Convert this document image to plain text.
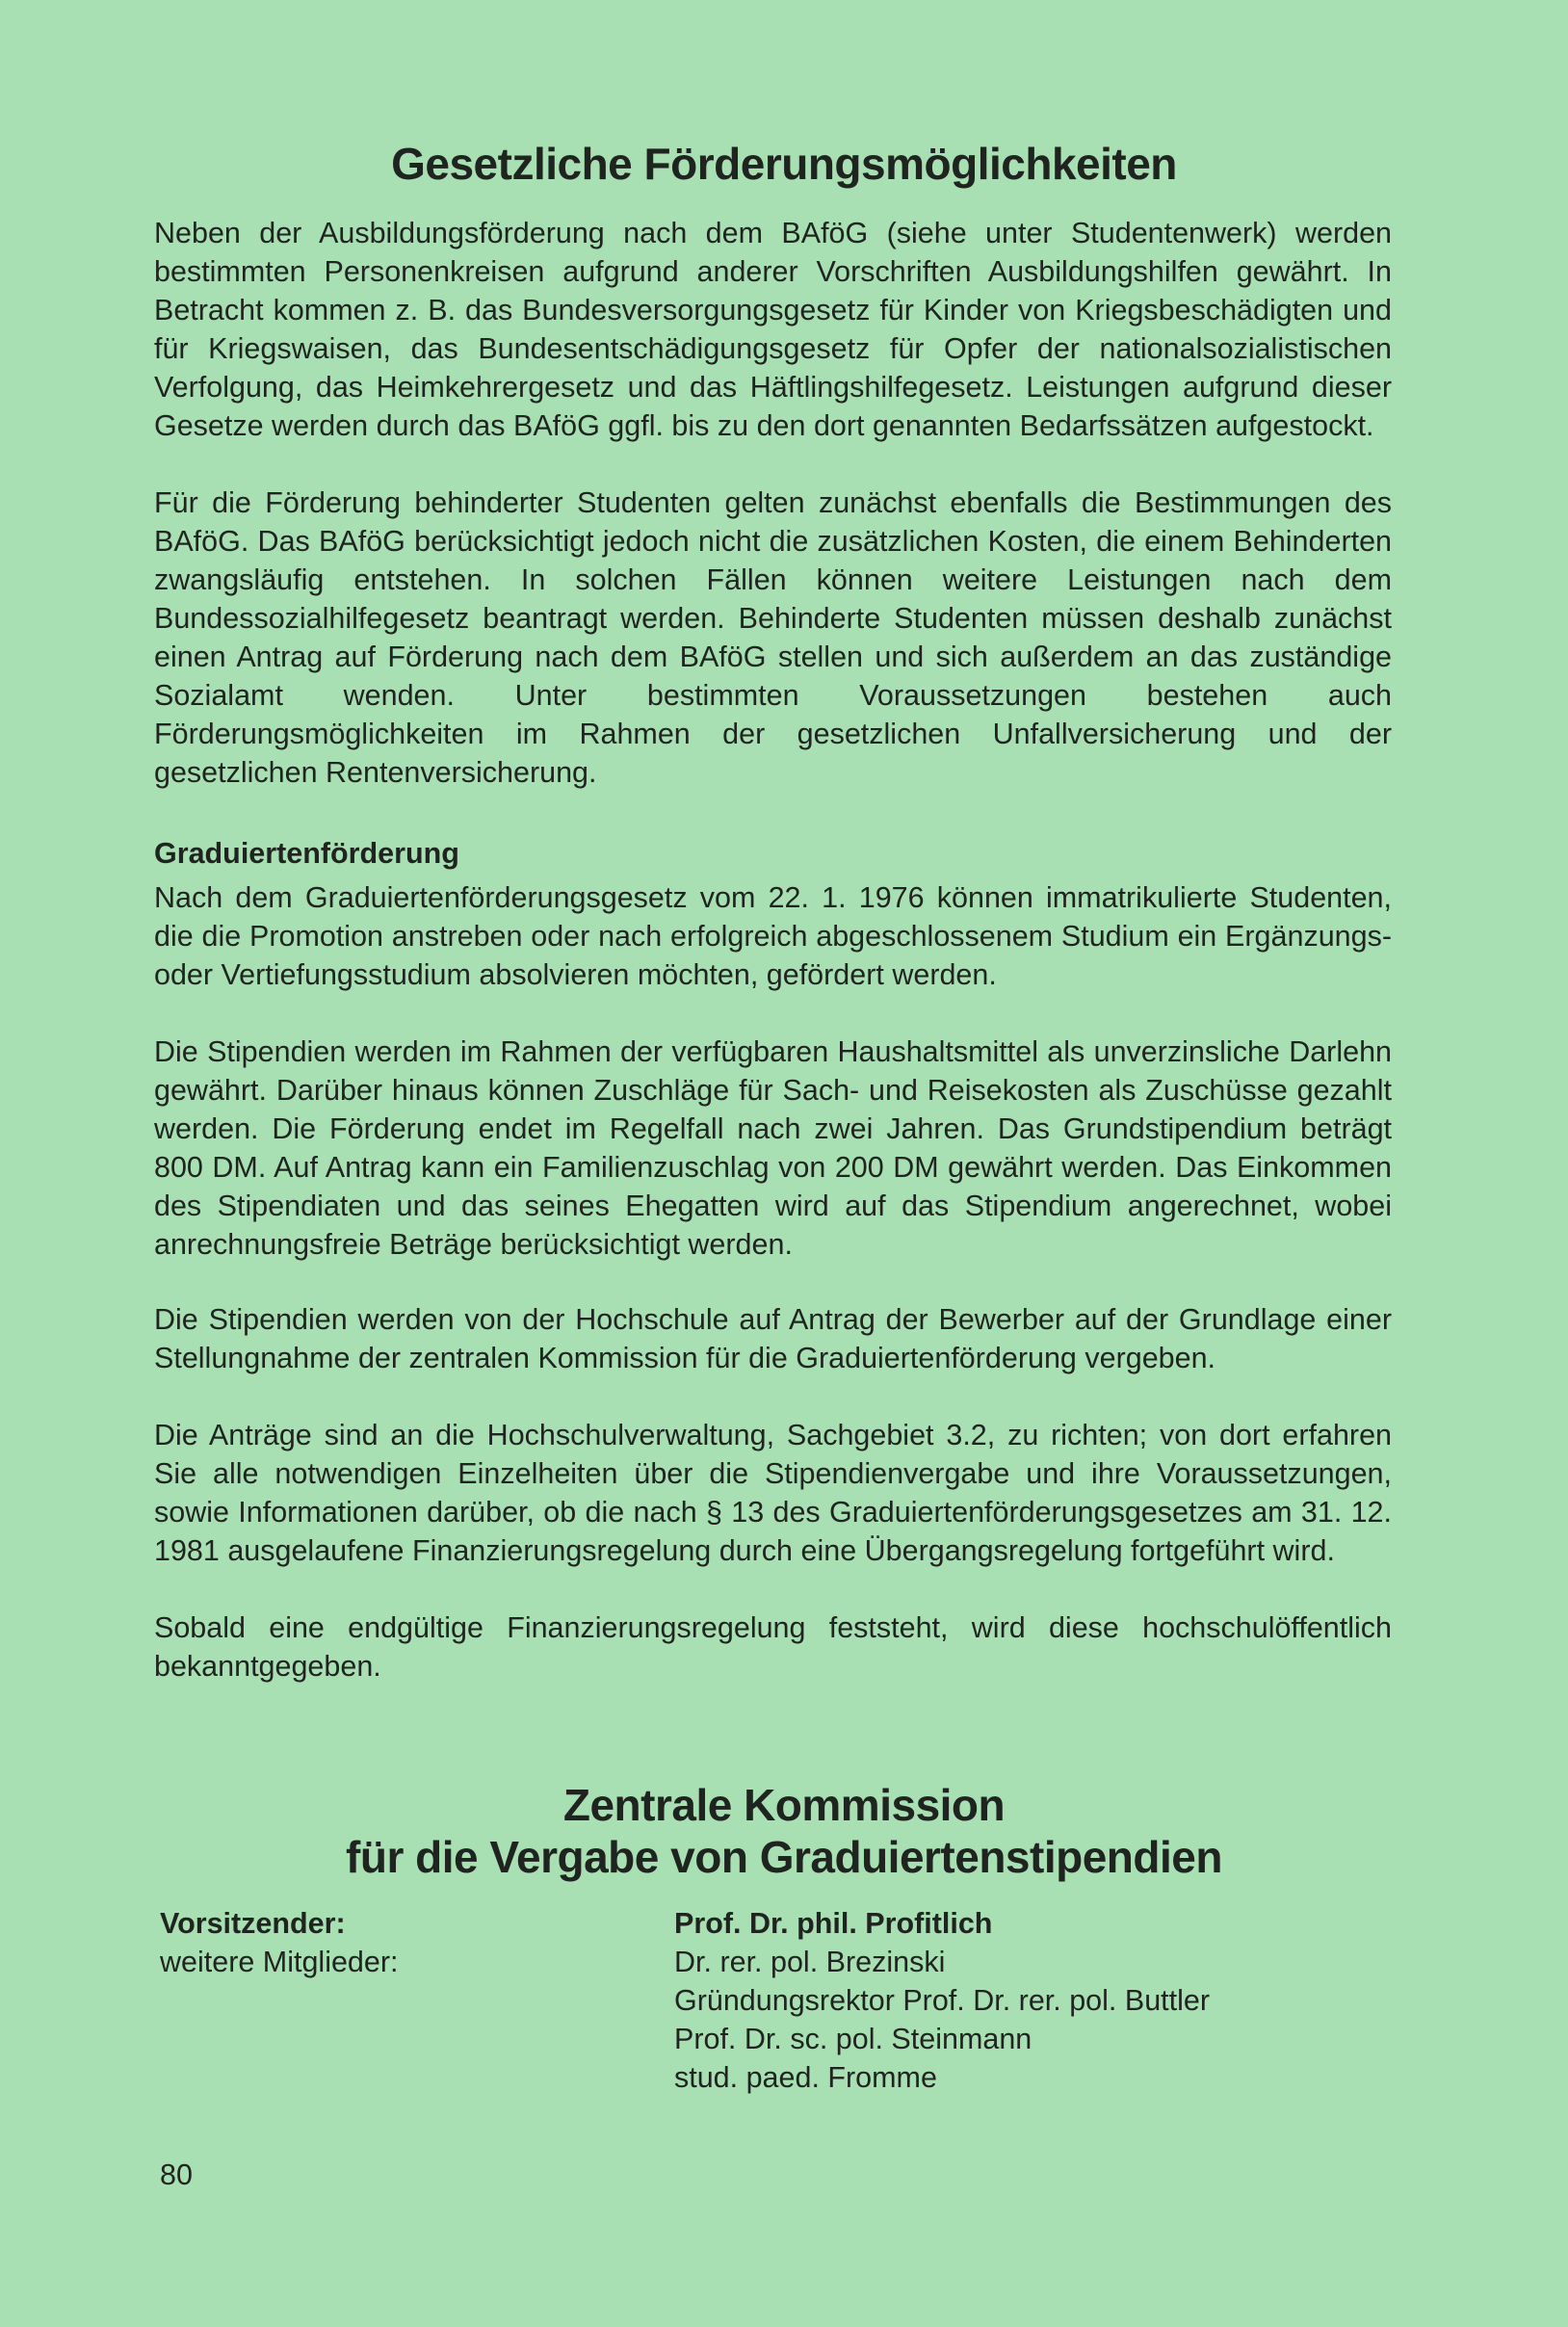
Gesetzliche Förderungsmöglichkeiten

Neben der Ausbildungsförderung nach dem BAföG (siehe unter Studentenwerk) werden bestimmten Personenkreisen aufgrund anderer Vorschriften Ausbildungshilfen gewährt. In Betracht kommen z. B. das Bundesversorgungsgesetz für Kinder von Kriegsbeschädigten und für Kriegswaisen, das Bundesentschädigungsgesetz für Opfer der nationalsozialistischen Verfolgung, das Heimkehrergesetz und das Häftlingshilfegesetz. Leistungen aufgrund dieser Gesetze werden durch das BAföG ggfl. bis zu den dort genannten Bedarfssätzen aufgestockt.

Für die Förderung behinderter Studenten gelten zunächst ebenfalls die Bestimmungen des BAföG. Das BAföG berücksichtigt jedoch nicht die zusätzlichen Kosten, die einem Behinderten zwangsläufig entstehen. In solchen Fällen können weitere Leistungen nach dem Bundessozialhilfegesetz beantragt werden. Behinderte Studenten müssen deshalb zunächst einen Antrag auf Förderung nach dem BAföG stellen und sich außerdem an das zuständige Sozialamt wenden. Unter bestimmten Voraussetzungen bestehen auch Förderungsmöglichkeiten im Rahmen der gesetzlichen Unfallversicherung und der gesetzlichen Rentenversicherung.

Graduiertenförderung

Nach dem Graduiertenförderungsgesetz vom 22. 1. 1976 können immatrikulierte Studenten, die die Promotion anstreben oder nach erfolgreich abgeschlossenem Studium ein Ergänzungs- oder Vertiefungsstudium absolvieren möchten, gefördert werden.

Die Stipendien werden im Rahmen der verfügbaren Haushaltsmittel als unverzinsliche Darlehn gewährt. Darüber hinaus können Zuschläge für Sach- und Reisekosten als Zuschüsse gezahlt werden. Die Förderung endet im Regelfall nach zwei Jahren. Das Grundstipendium beträgt 800 DM. Auf Antrag kann ein Familienzuschlag von 200 DM gewährt werden. Das Einkommen des Stipendiaten und das seines Ehegatten wird auf das Stipendium angerechnet, wobei anrechnungsfreie Beträge berücksichtigt werden.

Die Stipendien werden von der Hochschule auf Antrag der Bewerber auf der Grundlage einer Stellungnahme der zentralen Kommission für die Graduiertenförderung vergeben.

Die Anträge sind an die Hochschulverwaltung, Sachgebiet 3.2, zu richten; von dort erfahren Sie alle notwendigen Einzelheiten über die Stipendienvergabe und ihre Voraussetzungen, sowie Informationen darüber, ob die nach § 13 des Graduiertenförderungsgesetzes am 31. 12. 1981 ausgelaufene Finanzierungsregelung durch eine Übergangsregelung fortgeführt wird.

Sobald eine endgültige Finanzierungsregelung feststeht, wird diese hochschulöffentlich bekanntgegeben.

Zentrale Kommission
für die Vergabe von Graduiertenstipendien

Vorsitzender:

weitere Mitglieder:

Prof. Dr. phil. Profitlich

Dr. rer. pol. Brezinski

Gründungsrektor Prof. Dr. rer. pol. Buttler

Prof. Dr. sc. pol. Steinmann

stud. paed. Fromme

80
